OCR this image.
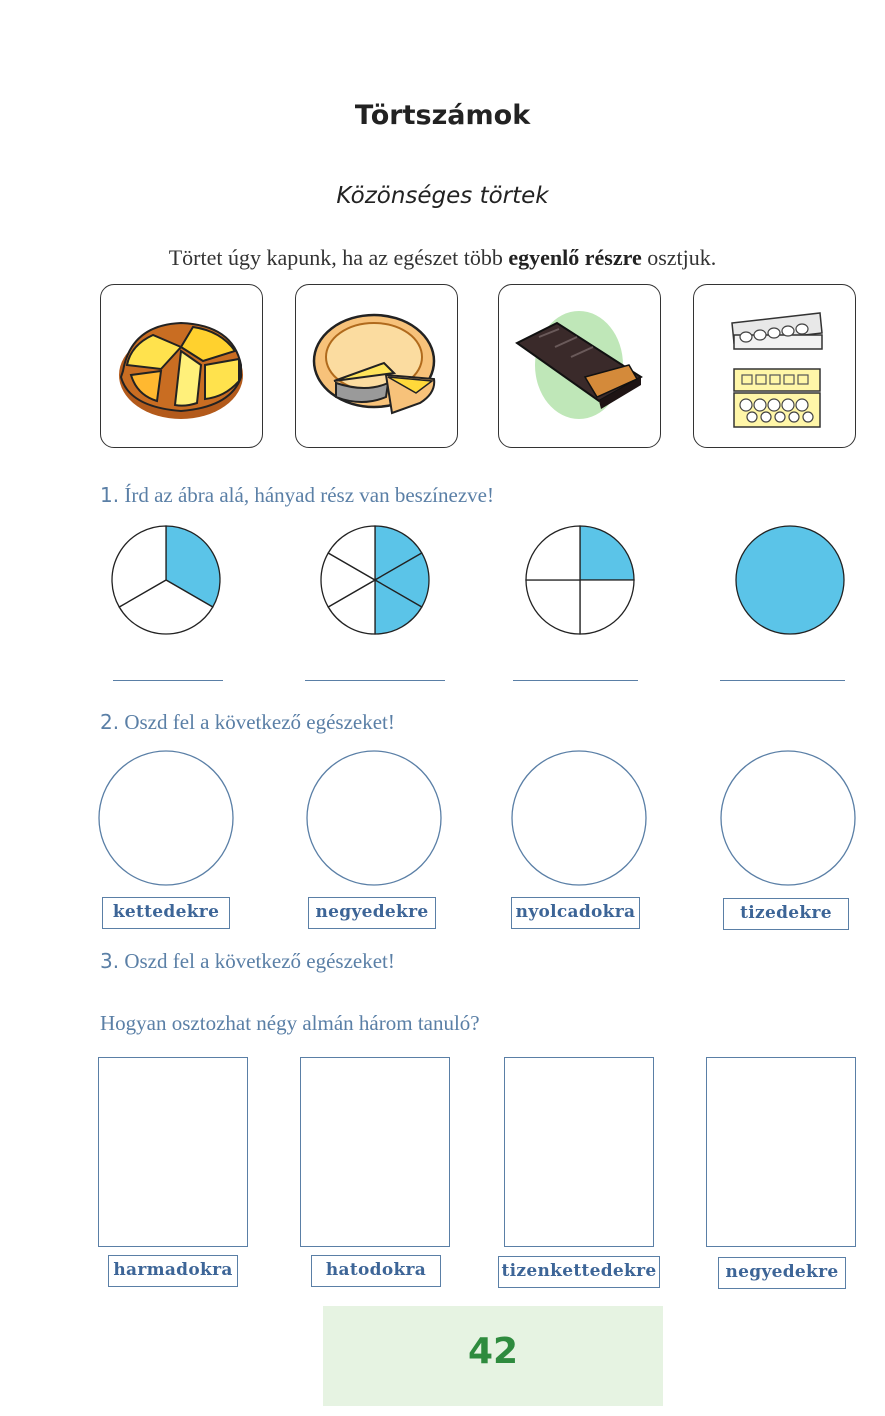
Törtszámok
Közönséges törtek
Törtet úgy kapunk, ha az egészet több egyenlő részre osztjuk.
1. Írd az ábra alá, hányad rész van beszínezve!
2. Oszd fel a következő egészeket!
kettedekre	negyedekre	nyolcadokra	tizedekre
3. Oszd fel a következő egészeket!
Hogyan osztozhat négy almán három tanuló?
harmadokra	hatodokra	tizenkettedekre	negyedekre
42
